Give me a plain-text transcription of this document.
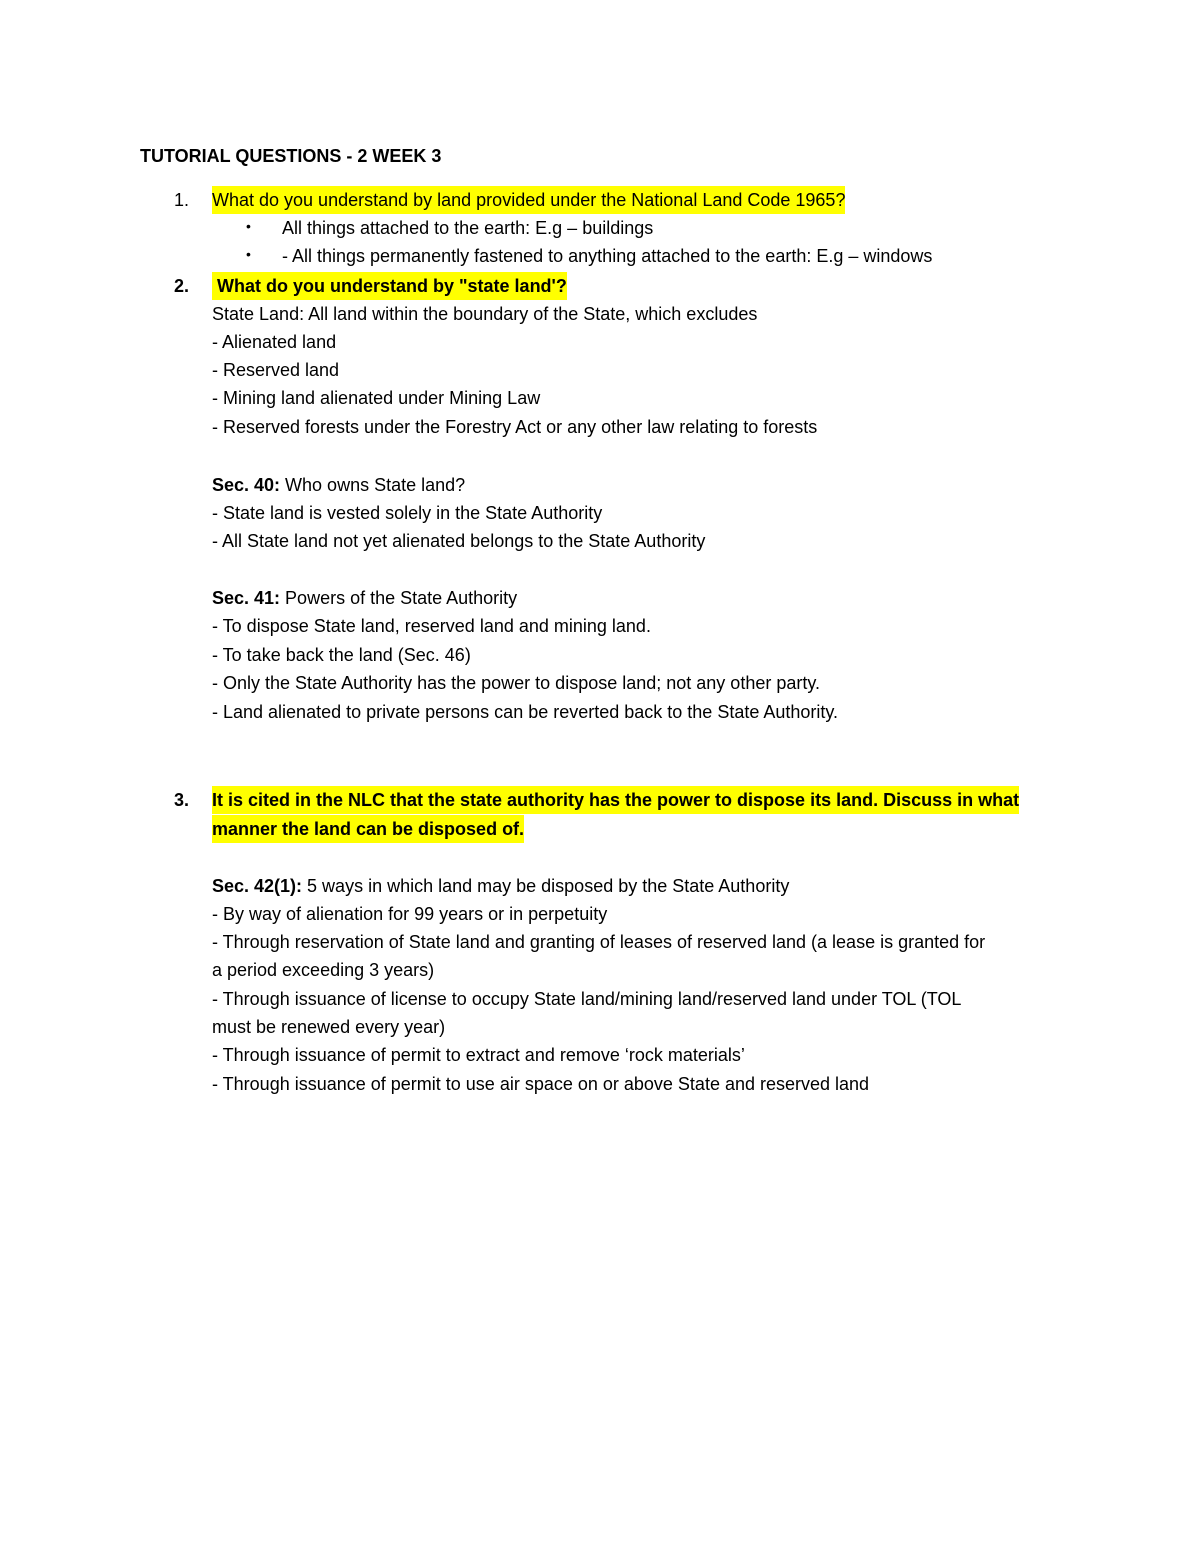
TUTORIAL QUESTIONS - 2 WEEK 3
1.	What do you understand by land provided under the National Land Code 1965?
• All things attached to the earth: E.g – buildings
• - All things permanently fastened to anything attached to the earth: E.g – windows
2.	What do you understand by "state land'?
State Land: All land within the boundary of the State, which excludes
- Alienated land
- Reserved land
- Mining land alienated under Mining Law
- Reserved forests under the Forestry Act or any other law relating to forests
Sec. 40: Who owns State land?
- State land is vested solely in the State Authority
- All State land not yet alienated belongs to the State Authority
Sec. 41: Powers of the State Authority
- To dispose State land, reserved land and mining land.
- To take back the land (Sec. 46)
- Only the State Authority has the power to dispose land; not any other party.
- Land alienated to private persons can be reverted back to the State Authority.
3.	It is cited in the NLC that the state authority has the power to dispose its land. Discuss in what
manner the land can be disposed of.
Sec. 42(1): 5 ways in which land may be disposed by the State Authority
- By way of alienation for 99 years or in perpetuity
- Through reservation of State land and granting of leases of reserved land (a lease is granted for
a period exceeding 3 years)
- Through issuance of license to occupy State land/mining land/reserved land under TOL (TOL
must be renewed every year)
- Through issuance of permit to extract and remove ‘rock materials’
- Through issuance of permit to use air space on or above State and reserved land
